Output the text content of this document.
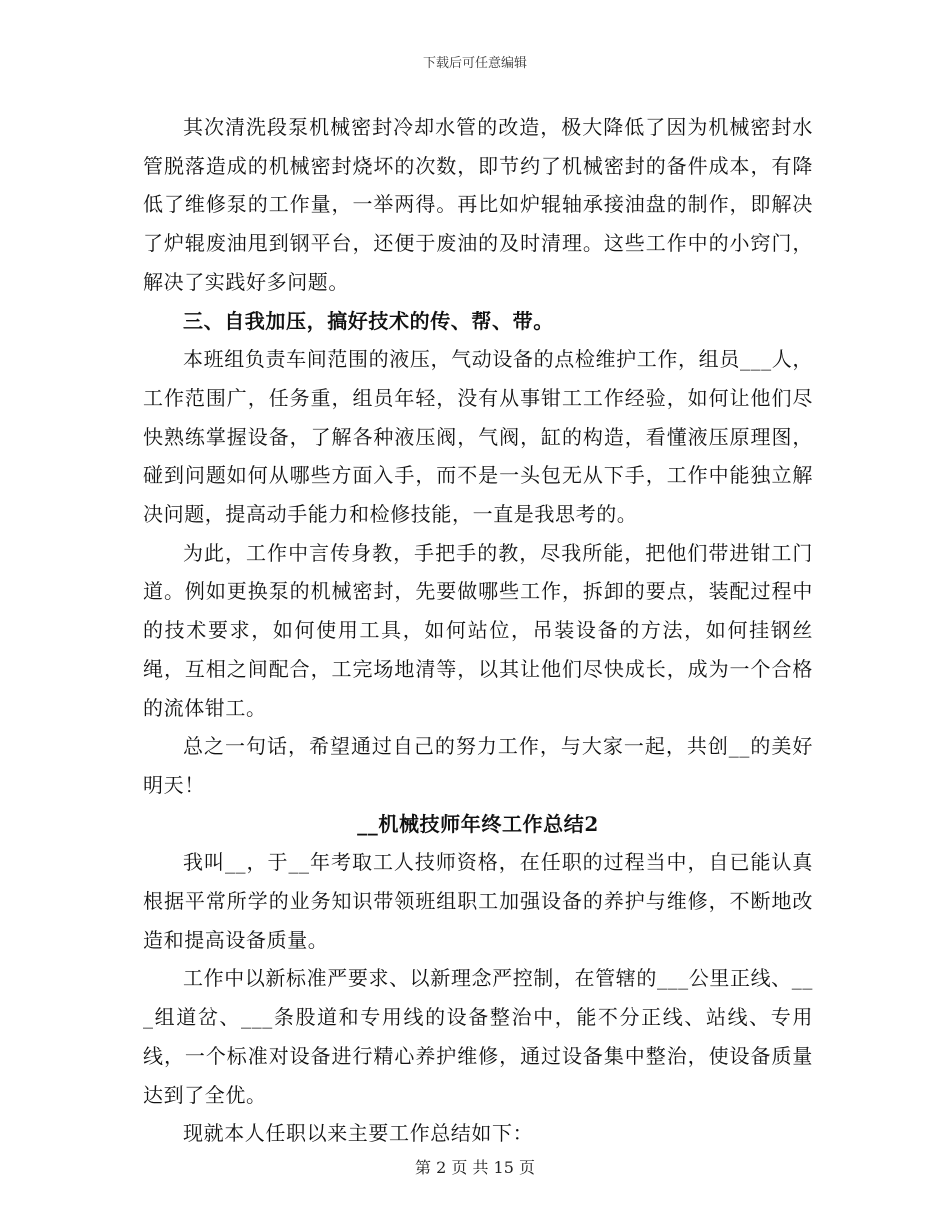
下载后可任意编辑

其次清洗段泵机械密封冷却水管的改造，极大降低了因为机械密封水管脱落造成的机械密封烧坏的次数，即节约了机械密封的备件成本，有降低了维修泵的工作量，一举两得。再比如炉辊轴承接油盘的制作，即解决了炉辊废油甩到钢平台，还便于废油的及时清理。这些工作中的小窍门，解决了实践好多问题。

三、自我加压，搞好技术的传、帮、带。

本班组负责车间范围的液压，气动设备的点检维护工作，组员___人，工作范围广，任务重，组员年轻，没有从事钳工工作经验，如何让他们尽快熟练掌握设备，了解各种液压阀，气阀，缸的构造，看懂液压原理图，碰到问题如何从哪些方面入手，而不是一头包无从下手，工作中能独立解决问题，提高动手能力和检修技能，一直是我思考的。

为此，工作中言传身教，手把手的教，尽我所能，把他们带进钳工门道。例如更换泵的机械密封，先要做哪些工作，拆卸的要点，装配过程中的技术要求，如何使用工具，如何站位，吊装设备的方法，如何挂钢丝绳，互相之间配合，工完场地清等，以其让他们尽快成长，成为一个合格的流体钳工。

总之一句话，希望通过自己的努力工作，与大家一起，共创__的美好明天！

__机械技师年终工作总结2

我叫__，于__年考取工人技师资格，在任职的过程当中，自已能认真根据平常所学的业务知识带领班组职工加强设备的养护与维修，不断地改造和提高设备质量。

工作中以新标准严要求、以新理念严控制，在管辖的___公里正线、___组道岔、___条股道和专用线的设备整治中，能不分正线、站线、专用线，一个标准对设备进行精心养护维修，通过设备集中整治，使设备质量达到了全优。

现就本人任职以来主要工作总结如下：

第 2 页 共 15 页
